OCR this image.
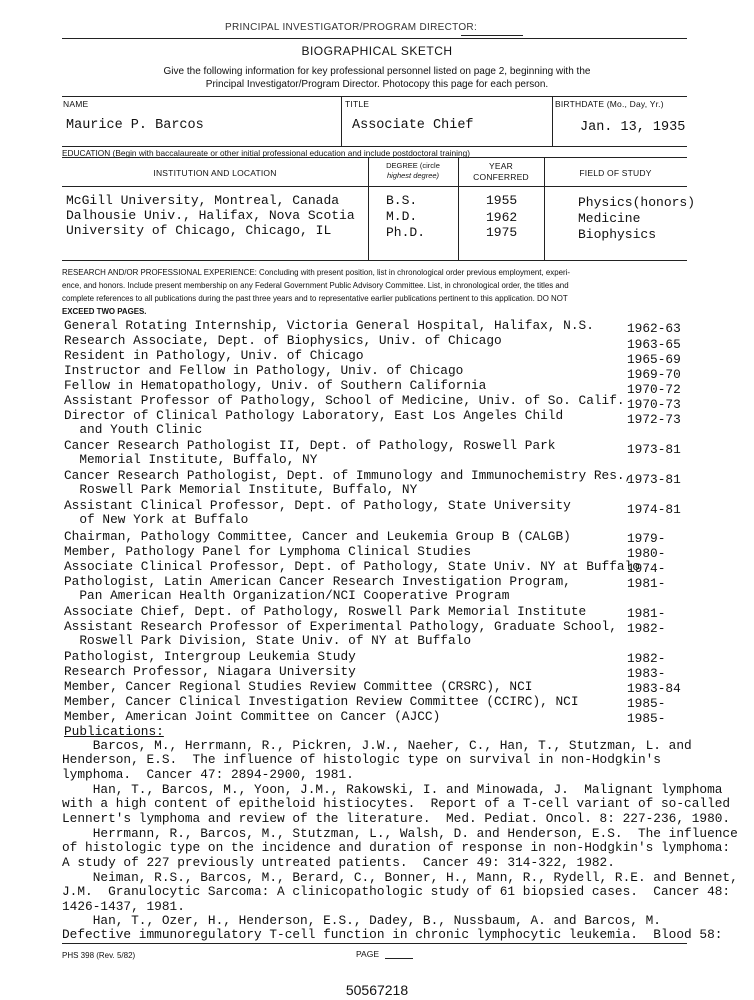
PRINCIPAL INVESTIGATOR/PROGRAM DIRECTOR:
BIOGRAPHICAL SKETCH
Give the following information for key professional personnel listed on page 2, beginning with the
Principal Investigator/Program Director. Photocopy this page for each person.
NAME	TITLE	BIRTHDATE (Mo., Day, Yr.)
Maurice P. Barcos	Associate Chief	Jan. 13, 1935
EDUCATION (Begin with baccalaureate or other initial professional education and include postdoctoral training)
INSTITUTION AND LOCATION
DEGREE (circle
highest degree)
YEAR
CONFERRED	FIELD OF STUDY
McGill University, Montreal, Canada	B.S.	1955	Physics(honors)
Dalhousie Univ., Halifax, Nova Scotia M.D.	1962	Medicine
University of Chicago, Chicago, IL	Ph.D.	1975	Biophysics
RESEARCH AND/OR PROFESSIONAL EXPERIENCE: Concluding with present position, list in chronological order previous employment, experi-
ence, and honors. Include present membership on any Federal Government Public Advisory Committee. List, in chronological order, the titles and
complete references to all publications during the past three years and to representative earlier publications pertinent to this application. DO NOT
EXCEED TWO PAGES.
General Rotating Internship, Victoria General Hospital, Halifax, N.S.	1962-63
Research Associate, Dept. of Biophysics, Univ. of Chicago	1963-65
Resident in Pathology, Univ. of Chicago	1965-69
Instructor and Fellow in Pathology, Univ. of Chicago	1969-70
Fellow in Hematopathology, Univ. of Southern California	1970-72
Assistant Professor of Pathology, School of Medicine, Univ. of So. Calif. 1970-73
Director of Clinical Pathology Laboratory, East Los Angeles Child
and Youth Clinic
1972-73
Cancer Research Pathologist II, Dept. of Pathology, Roswell Park
Memorial Institute, Buffalo, NY
1973-81
Cancer Research Pathologist, Dept. of Immunology and Immunochemistry Res.,
Roswell Park Memorial Institute, Buffalo, NY
1973-81
Assistant Clinical Professor, Dept. of Pathology, State University
of New York at Buffalo
1974-81
Chairman, Pathology Committee, Cancer and Leukemia Group B (CALGB)	1979-
Member, Pathology Panel for Lymphoma Clinical Studies	1980-
Associate Clinical Professor, Dept. of Pathology, State Univ. NY at Buffalo
1974-
Pathologist, Latin American Cancer Research Investigation Program,
Pan American Health Organization/NCI Cooperative Program
1981-
Associate Chief, Dept. of Pathology, Roswell Park Memorial Institute	1981-
Assistant Research Professor of Experimental Pathology, Graduate School,
Roswell Park Division, State Univ. of NY at Buffalo
1982-
Pathologist, Intergroup Leukemia Study	1982-
Research Professor, Niagara University	1983-
Member, Cancer Regional Studies Review Committee (CRSRC), NCI	1983-84
Member, Cancer Clinical Investigation Review Committee (CCIRC), NCI	1985-
Member, American Joint Committee on Cancer (AJCC)	1985-
Publications:
Barcos, M., Herrmann, R., Pickren, J.W., Naeher, C., Han, T., Stutzman, L. and
Henderson, E.S.  The influence of histologic type on survival in non-Hodgkin's
lymphoma.  Cancer 47: 2894-2900, 1981.
Han, T., Barcos, M., Yoon, J.M., Rakowski, I. and Minowada, J.  Malignant lymphoma
with a high content of epitheloid histiocytes.  Report of a T-cell variant of so-called
Lennert's lymphoma and review of the literature.  Med. Pediat. Oncol. 8: 227-236, 1980.
Herrmann, R., Barcos, M., Stutzman, L., Walsh, D. and Henderson, E.S.  The influence
of histologic type on the incidence and duration of response in non-Hodgkin's lymphoma:
A study of 227 previously untreated patients.  Cancer 49: 314-322, 1982.
Neiman, R.S., Barcos, M., Berard, C., Bonner, H., Mann, R., Rydell, R.E. and Bennet,
J.M.  Granulocytic Sarcoma: A clinicopathologic study of 61 biopsied cases.  Cancer 48:
1426-1437, 1981.
Han, T., Ozer, H., Henderson, E.S., Dadey, B., Nussbaum, A. and Barcos, M.
Defective immunoregulatory T-cell function in chronic lymphocytic leukemia.  Blood 58:
PHS 398 (Rev. 5/82)	PAGE
50567218
